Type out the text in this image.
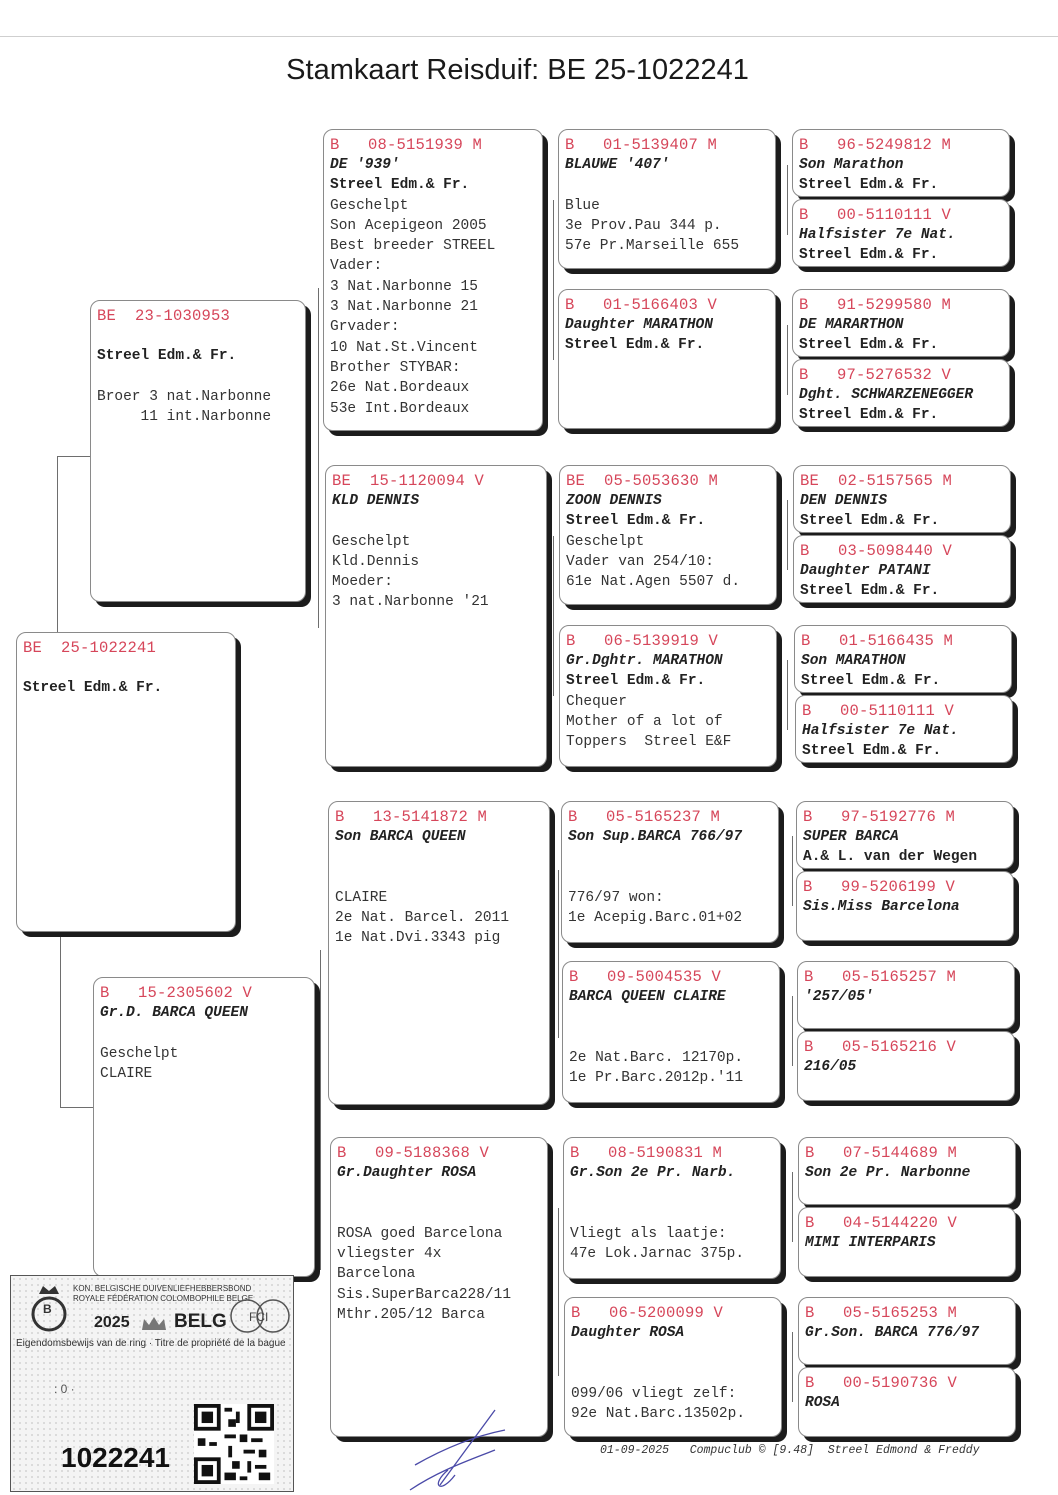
Stamkaart Reisduif: BE 25-1022241
BE  25-1022241
Streel Edm.& Fr.
BE  23-1030953
Streel Edm.& Fr.
Broer 3 nat.Narbonne
11 int.Narbonne
B   15-2305602 V
Gr.D. BARCA QUEEN
Geschelpt
CLAIRE
B   08-5151939 M
DE '939'
Streel Edm.& Fr.
Geschelpt
Son Acepigeon 2005
Best breeder STREEL
Vader:
3 Nat.Narbonne 15
3 Nat.Narbonne 21
Grvader:
10 Nat.St.Vincent
Brother STYBAR:
26e Nat.Bordeaux
53e Int.Bordeaux
BE  15-1120094 V
KLD DENNIS
Geschelpt
Kld.Dennis
Moeder:
3 nat.Narbonne '21
B   13-5141872 M
Son BARCA QUEEN
CLAIRE
2e Nat. Barcel. 2011
1e Nat.Dvi.3343 pig
B   09-5188368 V
Gr.Daughter ROSA
ROSA goed Barcelona
vliegster 4x
Barcelona
Sis.SuperBarca228/11
Mthr.205/12 Barca
B   01-5139407 M
BLAUWE '407'
Blue
3e Prov.Pau 344 p.
57e Pr.Marseille 655
B   01-5166403 V
Daughter MARATHON
Streel Edm.& Fr.
BE  05-5053630 M
ZOON DENNIS
Streel Edm.& Fr.
Geschelpt
Vader van 254/10:
61e Nat.Agen 5507 d.
B   06-5139919 V
Gr.Dghtr. MARATHON
Streel Edm.& Fr.
Chequer
Mother of a lot of
Toppers  Streel E&F
B   05-5165237 M
Son Sup.BARCA 766/97
776/97 won:
1e Acepig.Barc.01+02
B   09-5004535 V
BARCA QUEEN CLAIRE
2e Nat.Barc. 12170p.
1e Pr.Barc.2012p.'11
B   08-5190831 M
Gr.Son 2e Pr. Narb.
Vliegt als laatje:
47e Lok.Jarnac 375p.
B   06-5200099 V
Daughter ROSA
099/06 vliegt zelf:
92e Nat.Barc.13502p.
B   96-5249812 M
Son Marathon
Streel Edm.& Fr.
B   00-5110111 V
Halfsister 7e Nat.
Streel Edm.& Fr.
B   91-5299580 M
DE MARARTHON
Streel Edm.& Fr.
B   97-5276532 V
Dght. SCHWARZENEGGER
Streel Edm.& Fr.
BE  02-5157565 M
DEN DENNIS
Streel Edm.& Fr.
B   03-5098440 V
Daughter PATANI
Streel Edm.& Fr.
B   01-5166435 M
Son MARATHON
Streel Edm.& Fr.
B   00-5110111 V
Halfsister 7e Nat.
Streel Edm.& Fr.
B   97-5192776 M
SUPER BARCA
A.& L. van der Wegen
B   99-5206199 V
Sis.Miss Barcelona
B   05-5165257 M
'257/05'
B   05-5165216 V
216/05
B   07-5144689 M
Son 2e Pr. Narbonne
B   04-5144220 V
MIMI INTERPARIS
B   05-5165253 M
Gr.Son. BARCA 776/97
B   00-5190736 V
ROSA
01-09-2025   Compuclub © [9.48]  Streel Edmond & Freddy
B
KON. BELGISCHE DUIVENLIEFHEBBERSBOND
ROYALE FÉDÉRATION COLOMBOPHILE BELGE
2025 BELG FCI
Eigendomsbewijs van de ring · Titre de propriété de la bague
: 0 ·
1022241
